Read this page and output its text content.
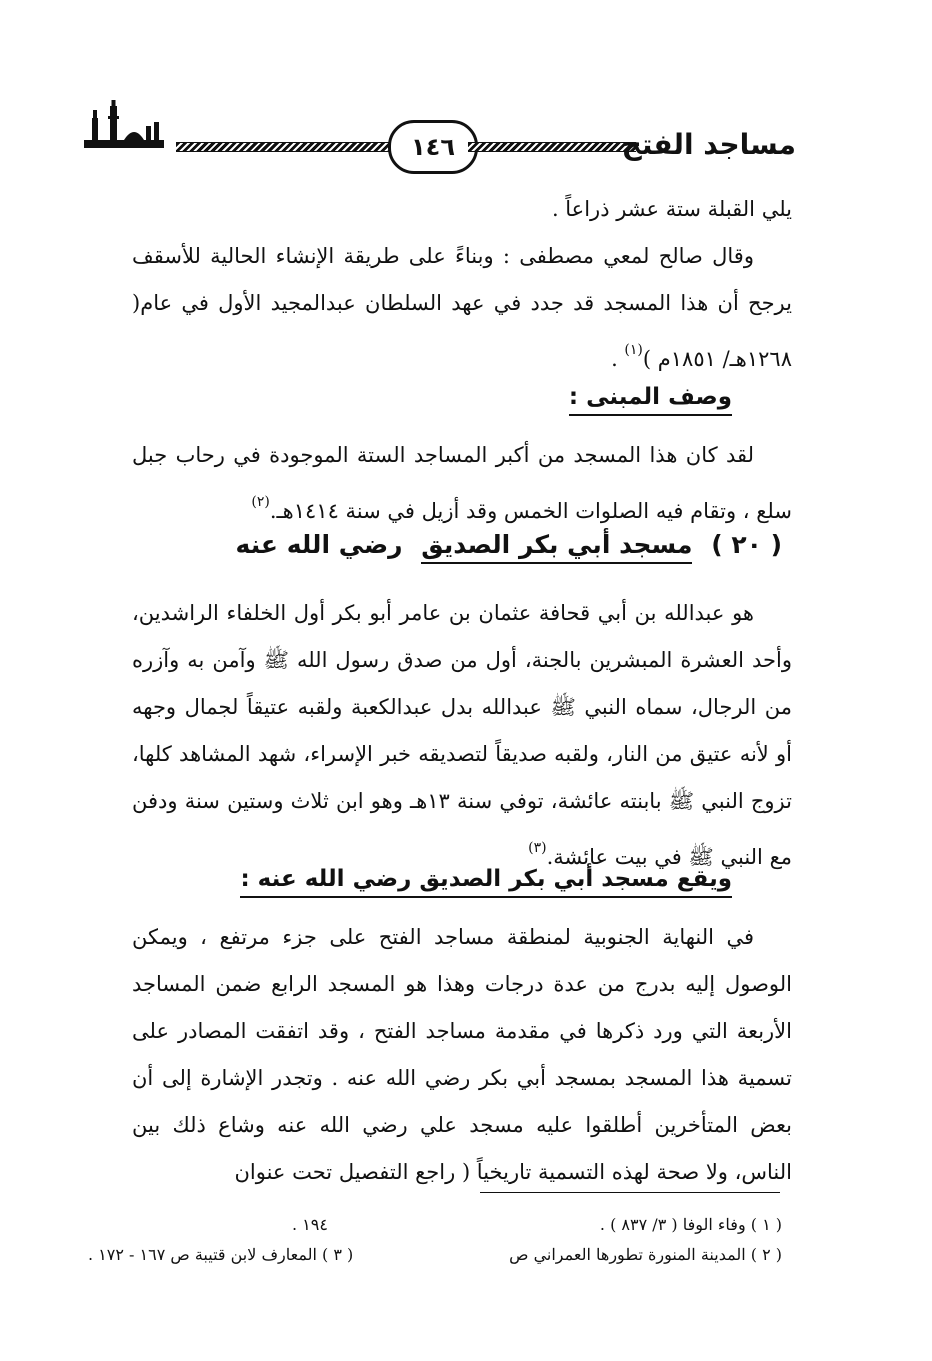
١٤٦	مساجد الفتح

يلي القبلة ستة عشر ذراعاً .

وقال صالح لمعي مصطفى : وبناءً على طريقة الإنشاء الحالية للأسقف يرجح أن هذا المسجد قد جدد في عهد السلطان عبدالمجيد الأول في عام( ١٢٦٨هـ/ ١٨٥١م )$^{(١)}$ .

وصف المبنى :

لقد كان هذا المسجد من أكبر المساجد الستة الموجودة في رحاب جبل سلع ، وتقام فيه الصلوات الخمس وقد أزيل في سنة ١٤١٤هـ.$^{(٢)}$

( ٢٠ ) مسجد أبي بكر الصديق رضي الله عنه

هو عبدالله بن أبي قحافة عثمان بن عامر أبو بكر أول الخلفاء الراشدين، وأحد العشرة المبشرين بالجنة، أول من صدق رسول الله ﷺ وآمن به وآزره من الرجال، سماه النبي ﷺ عبدالله بدل عبدالكعبة ولقبه عتيقاً لجمال وجهه أو لأنه عتيق من النار، ولقبه صديقاً لتصديقه خبر الإسراء، شهد المشاهد كلها، تزوج النبي ﷺ بابنته عائشة، توفي سنة ١٣هـ وهو ابن ثلاث وستين سنة ودفن مع النبي ﷺ في بيت عائشة.$^{(٣)}$

ويقع مسجد أبي بكر الصديق رضي الله عنه :

في النهاية الجنوبية لمنطقة مساجد الفتح على جزء مرتفع ، ويمكن الوصول إليه بدرج من عدة درجات وهذا هو المسجد الرابع ضمن المساجد الأربعة التي ورد ذكرها في مقدمة مساجد الفتح ، وقد اتفقت المصادر على تسمية هذا المسجد بمسجد أبي بكر رضي الله عنه . وتجدر الإشارة إلى أن بعض المتأخرين أطلقوا عليه مسجد علي رضي الله عنه وشاع ذلك بين الناس، ولا صحة لهذه التسمية تاريخياً ( راجع التفصيل تحت عنوان

( ١ ) وفاء الوفا ( ٣/ ٨٣٧ ) .
١٩٤ .
( ٢ ) المدينة المنورة تطورها العمراني ص
( ٣ ) المعارف لابن قتيبة ص ١٦٧ - ١٧٢ .
